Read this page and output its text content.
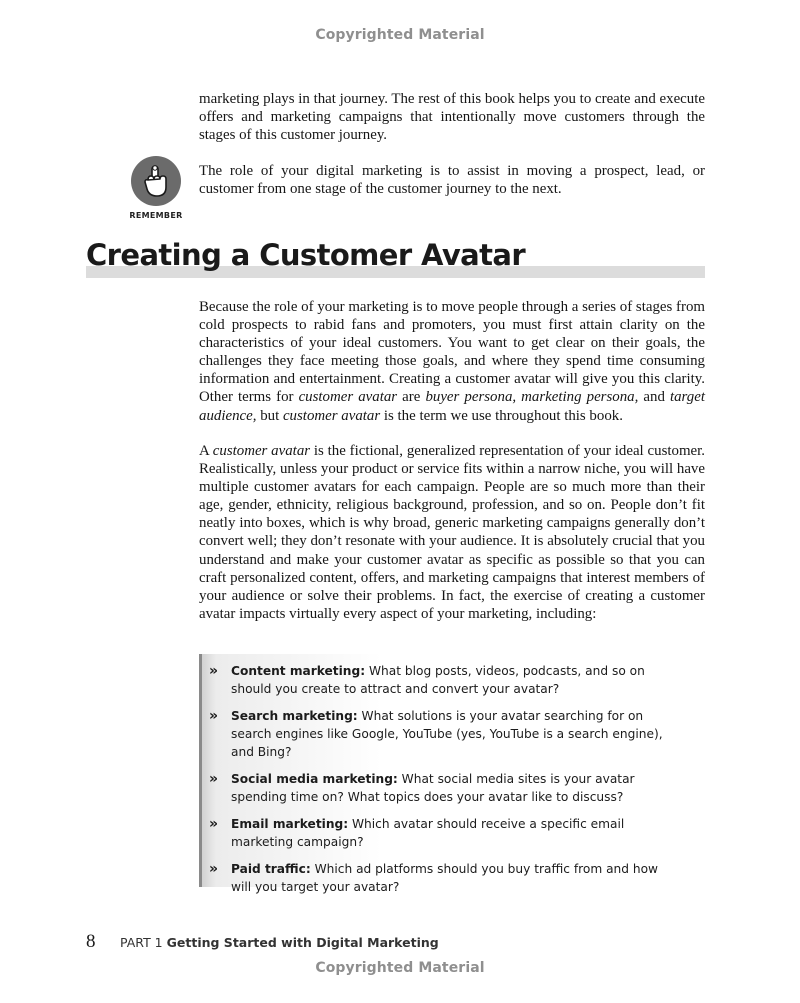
Copyrighted Material

marketing plays in that journey. The rest of this book helps you to create and execute offers and marketing campaigns that intentionally move customers through the stages of this customer journey.

REMEMBER

The role of your digital marketing is to assist in moving a prospect, lead, or customer from one stage of the customer journey to the next.

Creating a Customer Avatar

Because the role of your marketing is to move people through a series of stages from cold prospects to rabid fans and promoters, you must first attain clarity on the characteristics of your ideal customers. You want to get clear on their goals, the challenges they face meeting those goals, and where they spend time consuming information and entertainment. Creating a customer avatar will give you this clarity. Other terms for customer avatar are buyer persona, marketing persona, and target audience, but customer avatar is the term we use throughout this book.

A customer avatar is the fictional, generalized representation of your ideal customer. Realistically, unless your product or service fits within a narrow niche, you will have multiple customer avatars for each campaign. People are so much more than their age, gender, ethnicity, religious background, profession, and so on. People don’t fit neatly into boxes, which is why broad, generic marketing campaigns generally don’t convert well; they don’t resonate with your audience. It is absolutely crucial that you understand and make your customer avatar as specific as possible so that you can craft personalized content, offers, and marketing campaigns that interest members of your audience or solve their problems. In fact, the exercise of creating a customer avatar impacts virtually every aspect of your marketing, including:

» Content marketing: What blog posts, videos, podcasts, and so on should you create to attract and convert your avatar?
» Search marketing: What solutions is your avatar searching for on search engines like Google, YouTube (yes, YouTube is a search engine), and Bing?
» Social media marketing: What social media sites is your avatar spending time on? What topics does your avatar like to discuss?
» Email marketing: Which avatar should receive a specific email marketing campaign?
» Paid traffic: Which ad platforms should you buy traffic from and how will you target your avatar?
8 PART 1 Getting Started with Digital Marketing
Copyrighted Material
